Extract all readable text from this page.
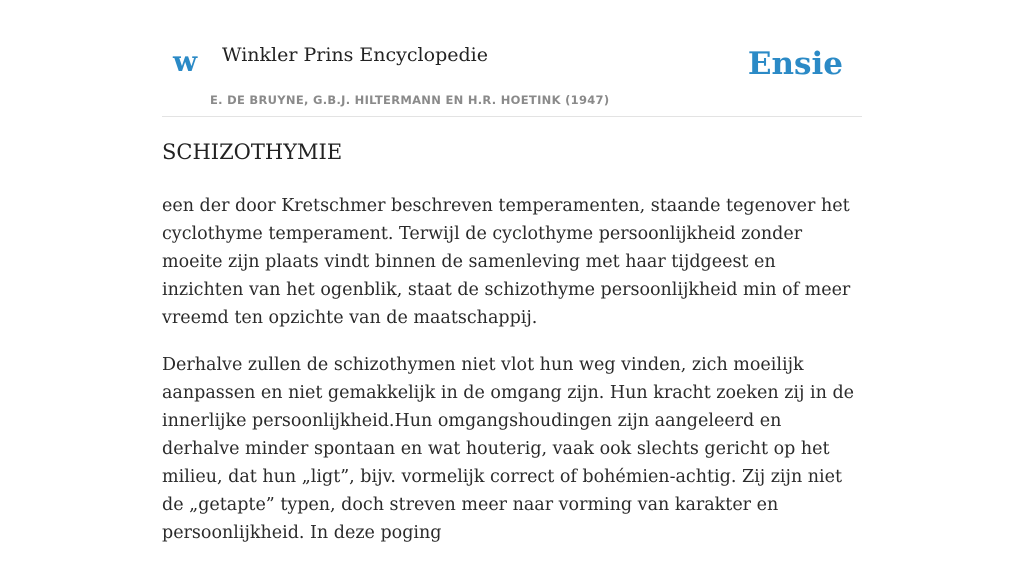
w Winkler Prins Encyclopedie
E. DE BRUYNE, G.B.J. HILTERMANN EN H.R. HOETINK (1947)
Ensie
SCHIZOTHYMIE

een der door Kretschmer beschreven temperamenten, staande tegenover het cyclothyme temperament. Terwijl de cyclothyme persoonlijkheid zonder moeite zijn plaats vindt binnen de samenleving met haar tijdgeest en inzichten van het ogenblik, staat de schizothyme persoonlijkheid min of meer vreemd ten opzichte van de maatschappij.

Derhalve zullen de schizothymen niet vlot hun weg vinden, zich moeilijk aanpassen en niet gemakkelijk in de omgang zijn. Hun kracht zoeken zij in de innerlijke persoonlijkheid.Hun omgangshoudingen zijn aangeleerd en derhalve minder spontaan en wat houterig, vaak ook slechts gericht op het milieu, dat hun „ligt”, bijv. vormelijk correct of bohémien-achtig. Zij zijn niet de „getapte” typen, doch streven meer naar vorming van karakter en persoonlijkheid. In deze poging
